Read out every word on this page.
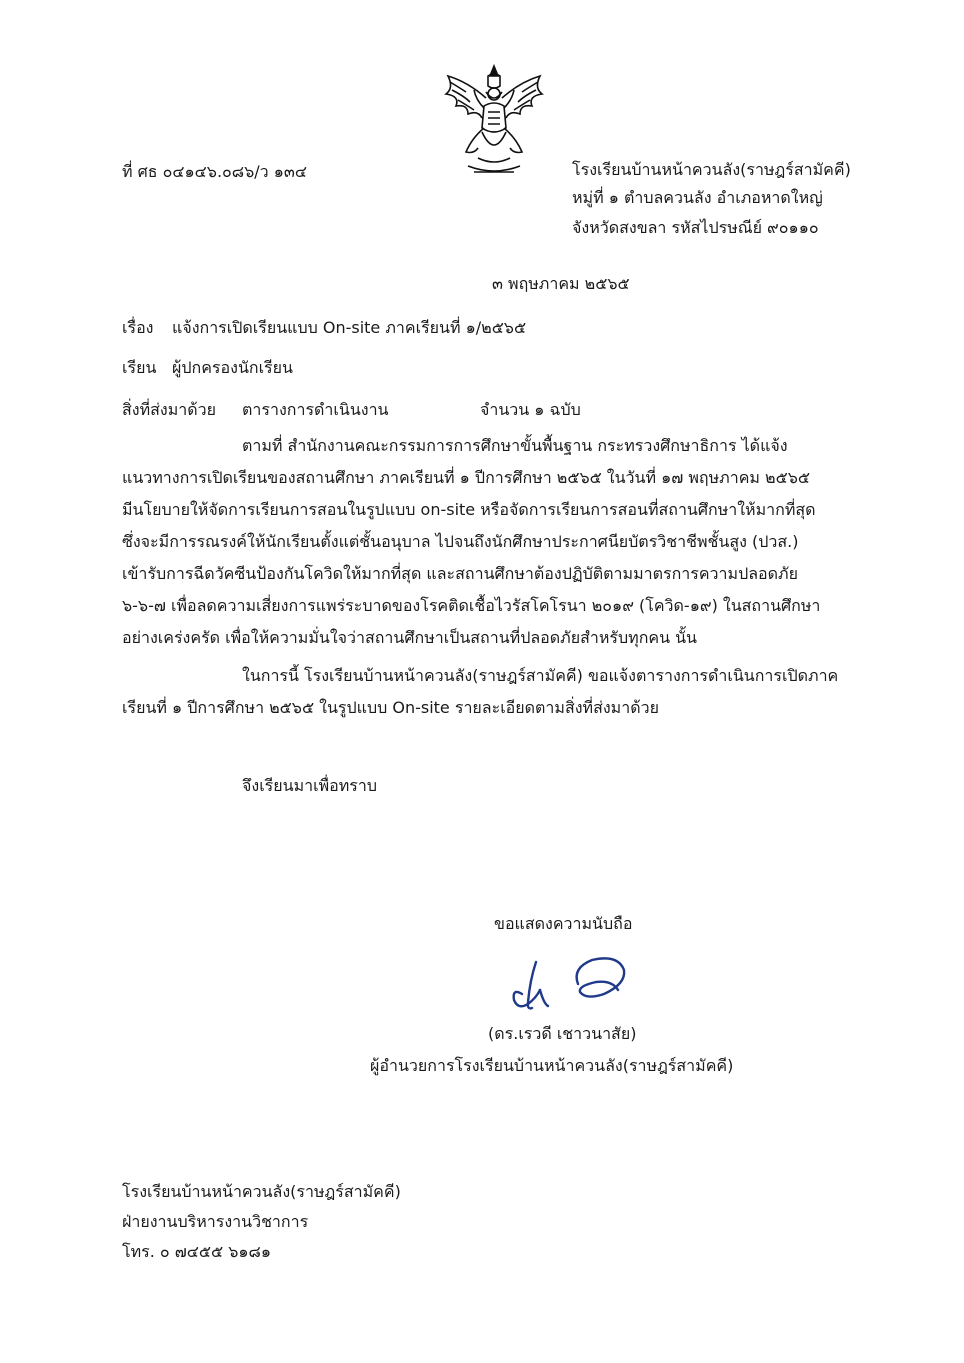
ที่ ศธ ๐๔๑๔๖.๐๘๖/ว ๑๓๔	โรงเรียนบ้านหน้าควนลัง(ราษฎร์สามัคคี)
หมู่ที่ ๑ ตำบลควนลัง อำเภอหาดใหญ่
จังหวัดสงขลา รหัสไปรษณีย์ ๙๐๑๑๐
๓ พฤษภาคม ๒๕๖๕
เรื่อง แจ้งการเปิดเรียนแบบ On-site ภาคเรียนที่ ๑/๒๕๖๕
เรียน ผู้ปกครองนักเรียน
สิ่งที่ส่งมาด้วย ตารางการดำเนินงาน	จำนวน ๑ ฉบับ
ตามที่ สำนักงานคณะกรรมการการศึกษาขั้นพื้นฐาน กระทรวงศึกษาธิการ ได้แจ้ง
แนวทางการเปิดเรียนของสถานศึกษา ภาคเรียนที่ ๑ ปีการศึกษา ๒๕๖๕ ในวันที่ ๑๗ พฤษภาคม ๒๕๖๕
มีนโยบายให้จัดการเรียนการสอนในรูปแบบ on-site หรือจัดการเรียนการสอนที่สถานศึกษาให้มากที่สุด
ซึ่งจะมีการรณรงค์ให้นักเรียนตั้งแต่ชั้นอนุบาล ไปจนถึงนักศึกษาประกาศนียบัตรวิชาชีพชั้นสูง (ปวส.)
เข้ารับการฉีดวัคซีนป้องกันโควิดให้มากที่สุด และสถานศึกษาต้องปฏิบัติตามมาตรการความปลอดภัย
๖-๖-๗ เพื่อลดความเสี่ยงการแพร่ระบาดของโรคติดเชื้อไวรัสโคโรนา ๒๐๑๙ (โควิด-๑๙) ในสถานศึกษา
อย่างเคร่งครัด เพื่อให้ความมั่นใจว่าสถานศึกษาเป็นสถานที่ปลอดภัยสำหรับทุกคน นั้น
ในการนี้ โรงเรียนบ้านหน้าควนลัง(ราษฎร์สามัคคี) ขอแจ้งตารางการดำเนินการเปิดภาค
เรียนที่ ๑ ปีการศึกษา ๒๕๖๕ ในรูปแบบ On-site รายละเอียดตามสิ่งที่ส่งมาด้วย
จึงเรียนมาเพื่อทราบ
ขอแสดงความนับถือ
(ดร.เรวดี เชาวนาสัย)
ผู้อำนวยการโรงเรียนบ้านหน้าควนลัง(ราษฎร์สามัคคี)
โรงเรียนบ้านหน้าควนลัง(ราษฎร์สามัคคี)
ฝ่ายงานบริหารงานวิชาการ
โทร. ๐ ๗๔๕๕ ๖๑๘๑
